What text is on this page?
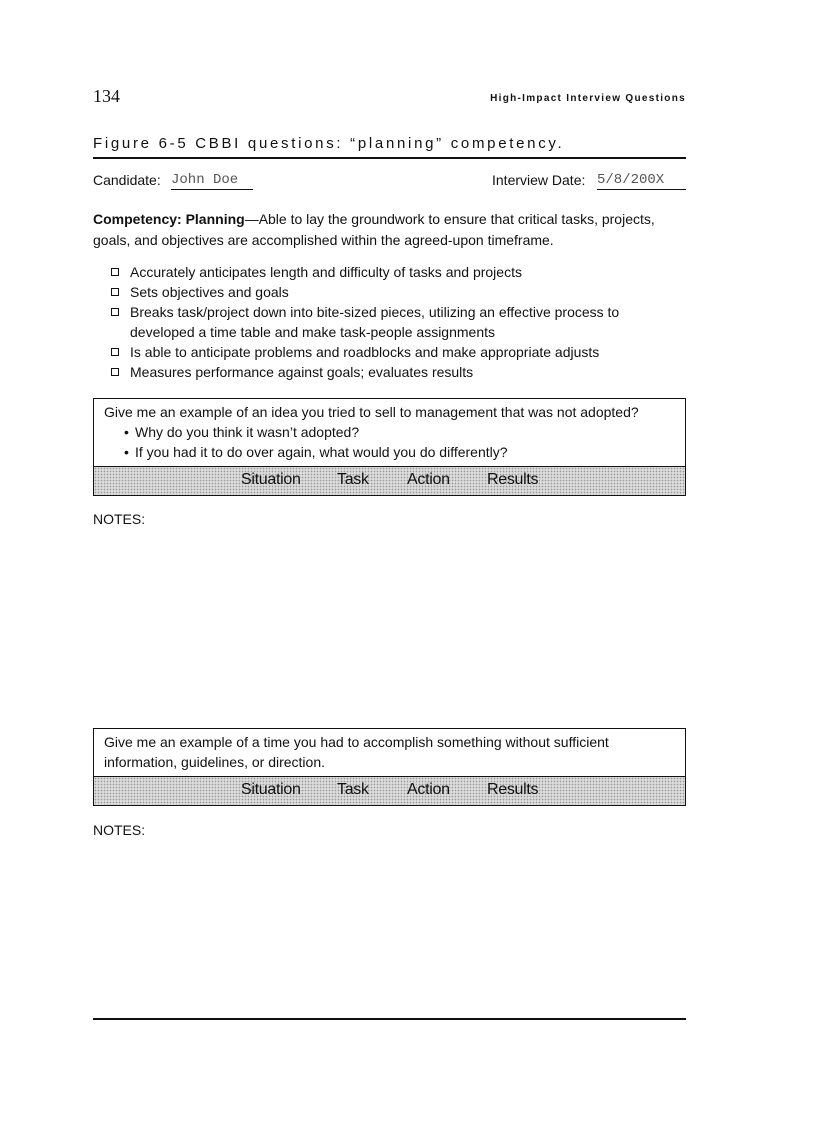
134	High-Impact Interview Questions
Figure 6-5 CBBI questions: “planning” competency.
Candidate: John Doe	Interview Date: 5/8/200X
Competency: Planning—Able to lay the groundwork to ensure that critical tasks, projects, goals, and objectives are accomplished within the agreed-upon timeframe.
Accurately anticipates length and difficulty of tasks and projects
Sets objectives and goals
Breaks task/project down into bite-sized pieces, utilizing an effective process to developed a time table and make task-people assignments
Is able to anticipate problems and roadblocks and make appropriate adjusts
Measures performance against goals; evaluates results
Give me an example of an idea you tried to sell to management that was not adopted?
• Why do you think it wasn’t adopted?
• If you had it to do over again, what would you do differently?
Situation Task Action Results
NOTES:
Give me an example of a time you had to accomplish something without sufficient information, guidelines, or direction.
Situation Task Action Results
NOTES:
